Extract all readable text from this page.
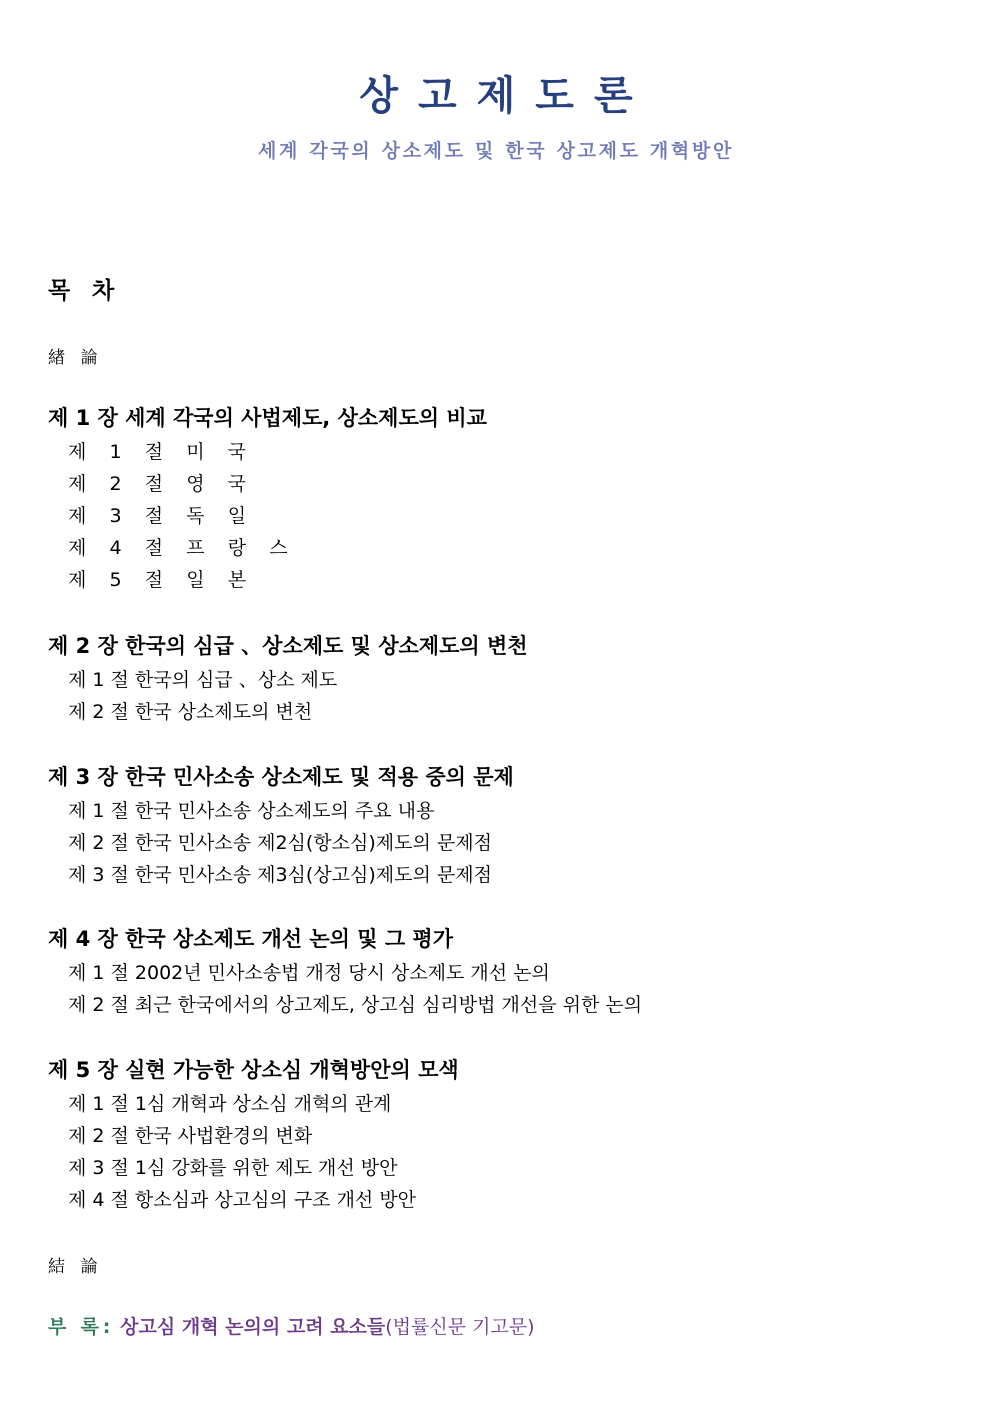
상고제도론
세계 각국의 상소제도 및 한국 상고제도 개혁방안
목 차
緖 論
제 1 장 세계 각국의 사법제도, 상소제도의 비교
제 1 절 미 국
제 2 절 영 국
제 3 절 독 일
제 4 절 프 랑 스
제 5 절 일 본
제 2 장 한국의 심급 、상소제도 및 상소제도의 변천
제 1 절 한국의 심급 、상소 제도
제 2 절 한국 상소제도의 변천
제 3 장 한국 민사소송 상소제도 및 적용 중의 문제
제 1 절 한국 민사소송 상소제도의 주요 내용
제 2 절 한국 민사소송 제2심(항소심)제도의 문제점
제 3 절 한국 민사소송 제3심(상고심)제도의 문제점
제 4 장 한국 상소제도 개선 논의 및 그 평가
제 1 절 2002년 민사소송법 개정 당시 상소제도 개선 논의
제 2 절 최근 한국에서의 상고제도, 상고심 심리방법 개선을 위한 논의
제 5 장 실현 가능한 상소심 개혁방안의 모색
제 1 절 1심 개혁과 상소심 개혁의 관계
제 2 절 한국 사법환경의 변화
제 3 절 1심 강화를 위한 제도 개선 방안
제 4 절 항소심과 상고심의 구조 개선 방안
結 論
부 록: 상고심 개혁 논의의 고려 요소들(법률신문 기고문)
